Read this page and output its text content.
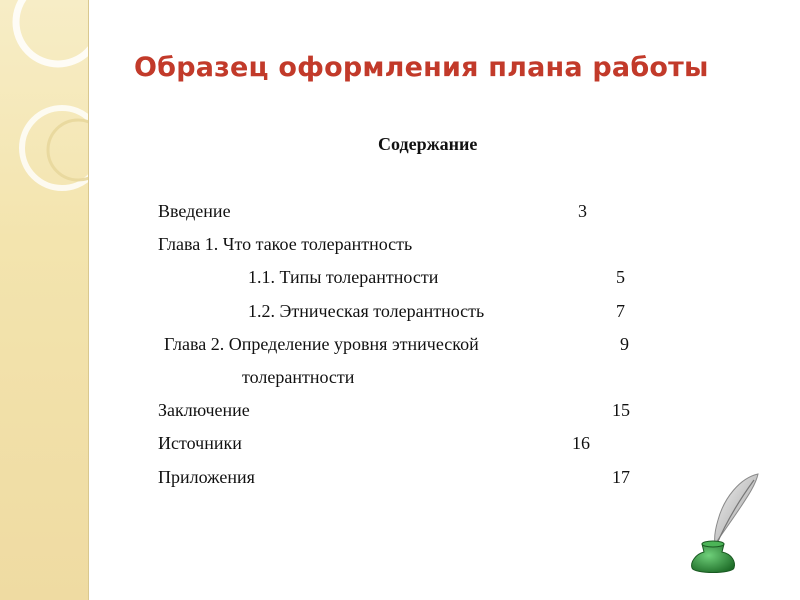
Образец оформления плана работы
Содержание
Введение	3
Глава 1. Что такое толерантность
1.1. Типы толерантности	5
1.2. Этническая толерантность	7
Глава 2. Определение уровня этнической	9
толерантности
Заключение	15
Источники	16
Приложения	17
